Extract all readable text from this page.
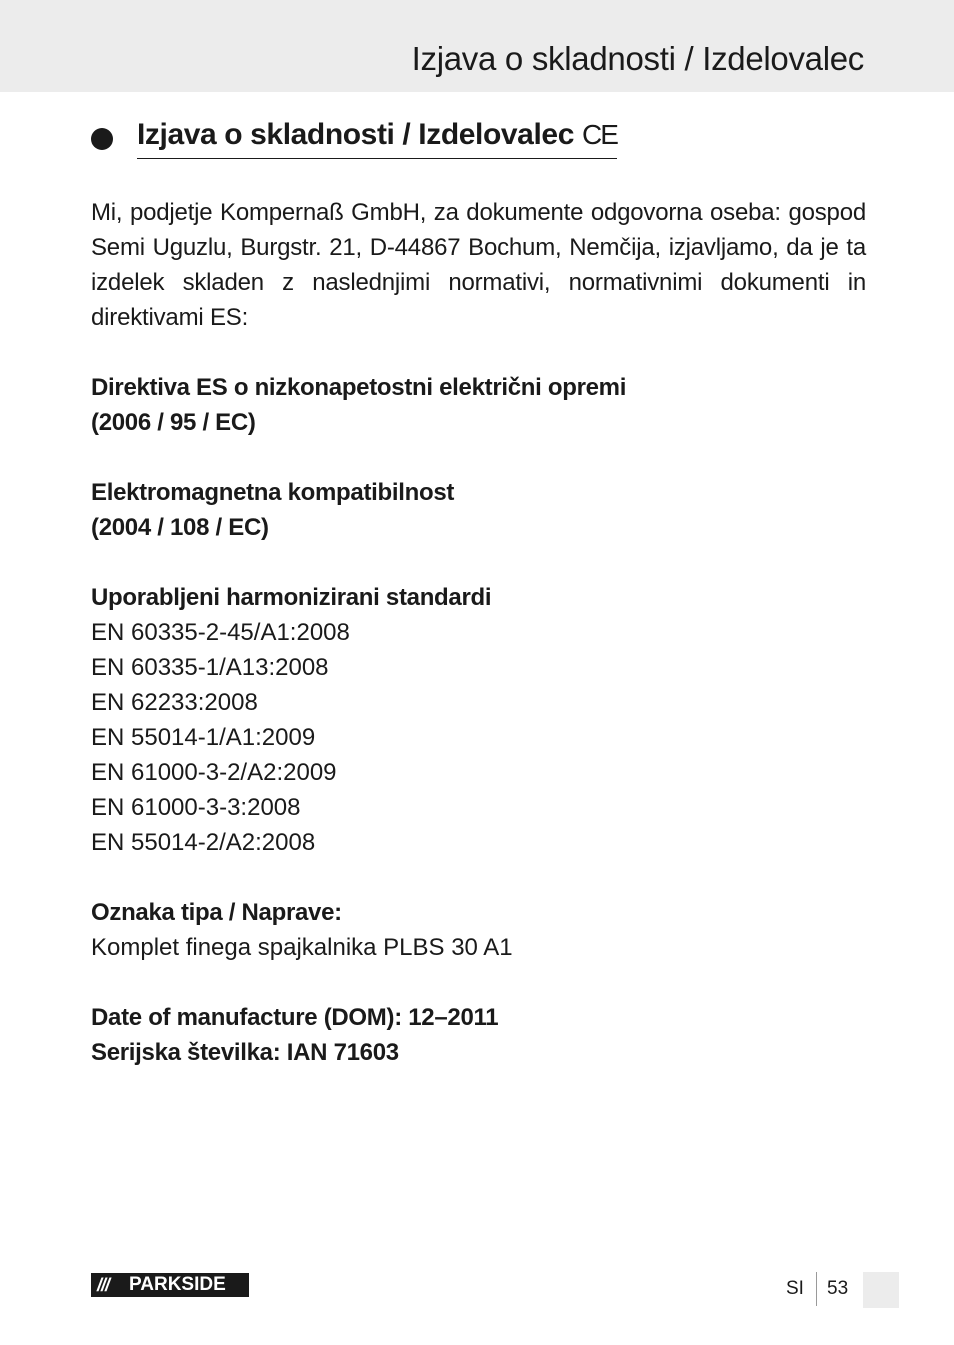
Izjava o skladnosti / Izdelovalec
Izjava o skladnosti / Izdelovalec CE

Mi, podjetje Kompernaß GmbH, za dokumente odgovorna oseba: gospod Semi Uguzlu, Burgstr. 21, D-44867 Bochum, Nemčija, izjavljamo, da je ta izdelek skladen z naslednjimi normativi, normativnimi dokumenti in direktivami ES:

Direktiva ES o nizkonapetostni električni opremi
(2006 / 95 / EC)
Elektromagnetna kompatibilnost
(2004 / 108 / EC)
Uporabljeni harmonizirani standardi
EN 60335-2-45/A1:2008
EN 60335-1/A13:2008
EN 62233:2008
EN 55014-1/A1:2009
EN 61000-3-2/A2:2009
EN 61000-3-3:2008
EN 55014-2/A2:2008
Oznaka tipa / Naprave:
Komplet finega spajkalnika PLBS 30 A1
Date of manufacture (DOM): 12–2011
Serijska številka: IAN 71603
///	PARKSIDE	SI 53
